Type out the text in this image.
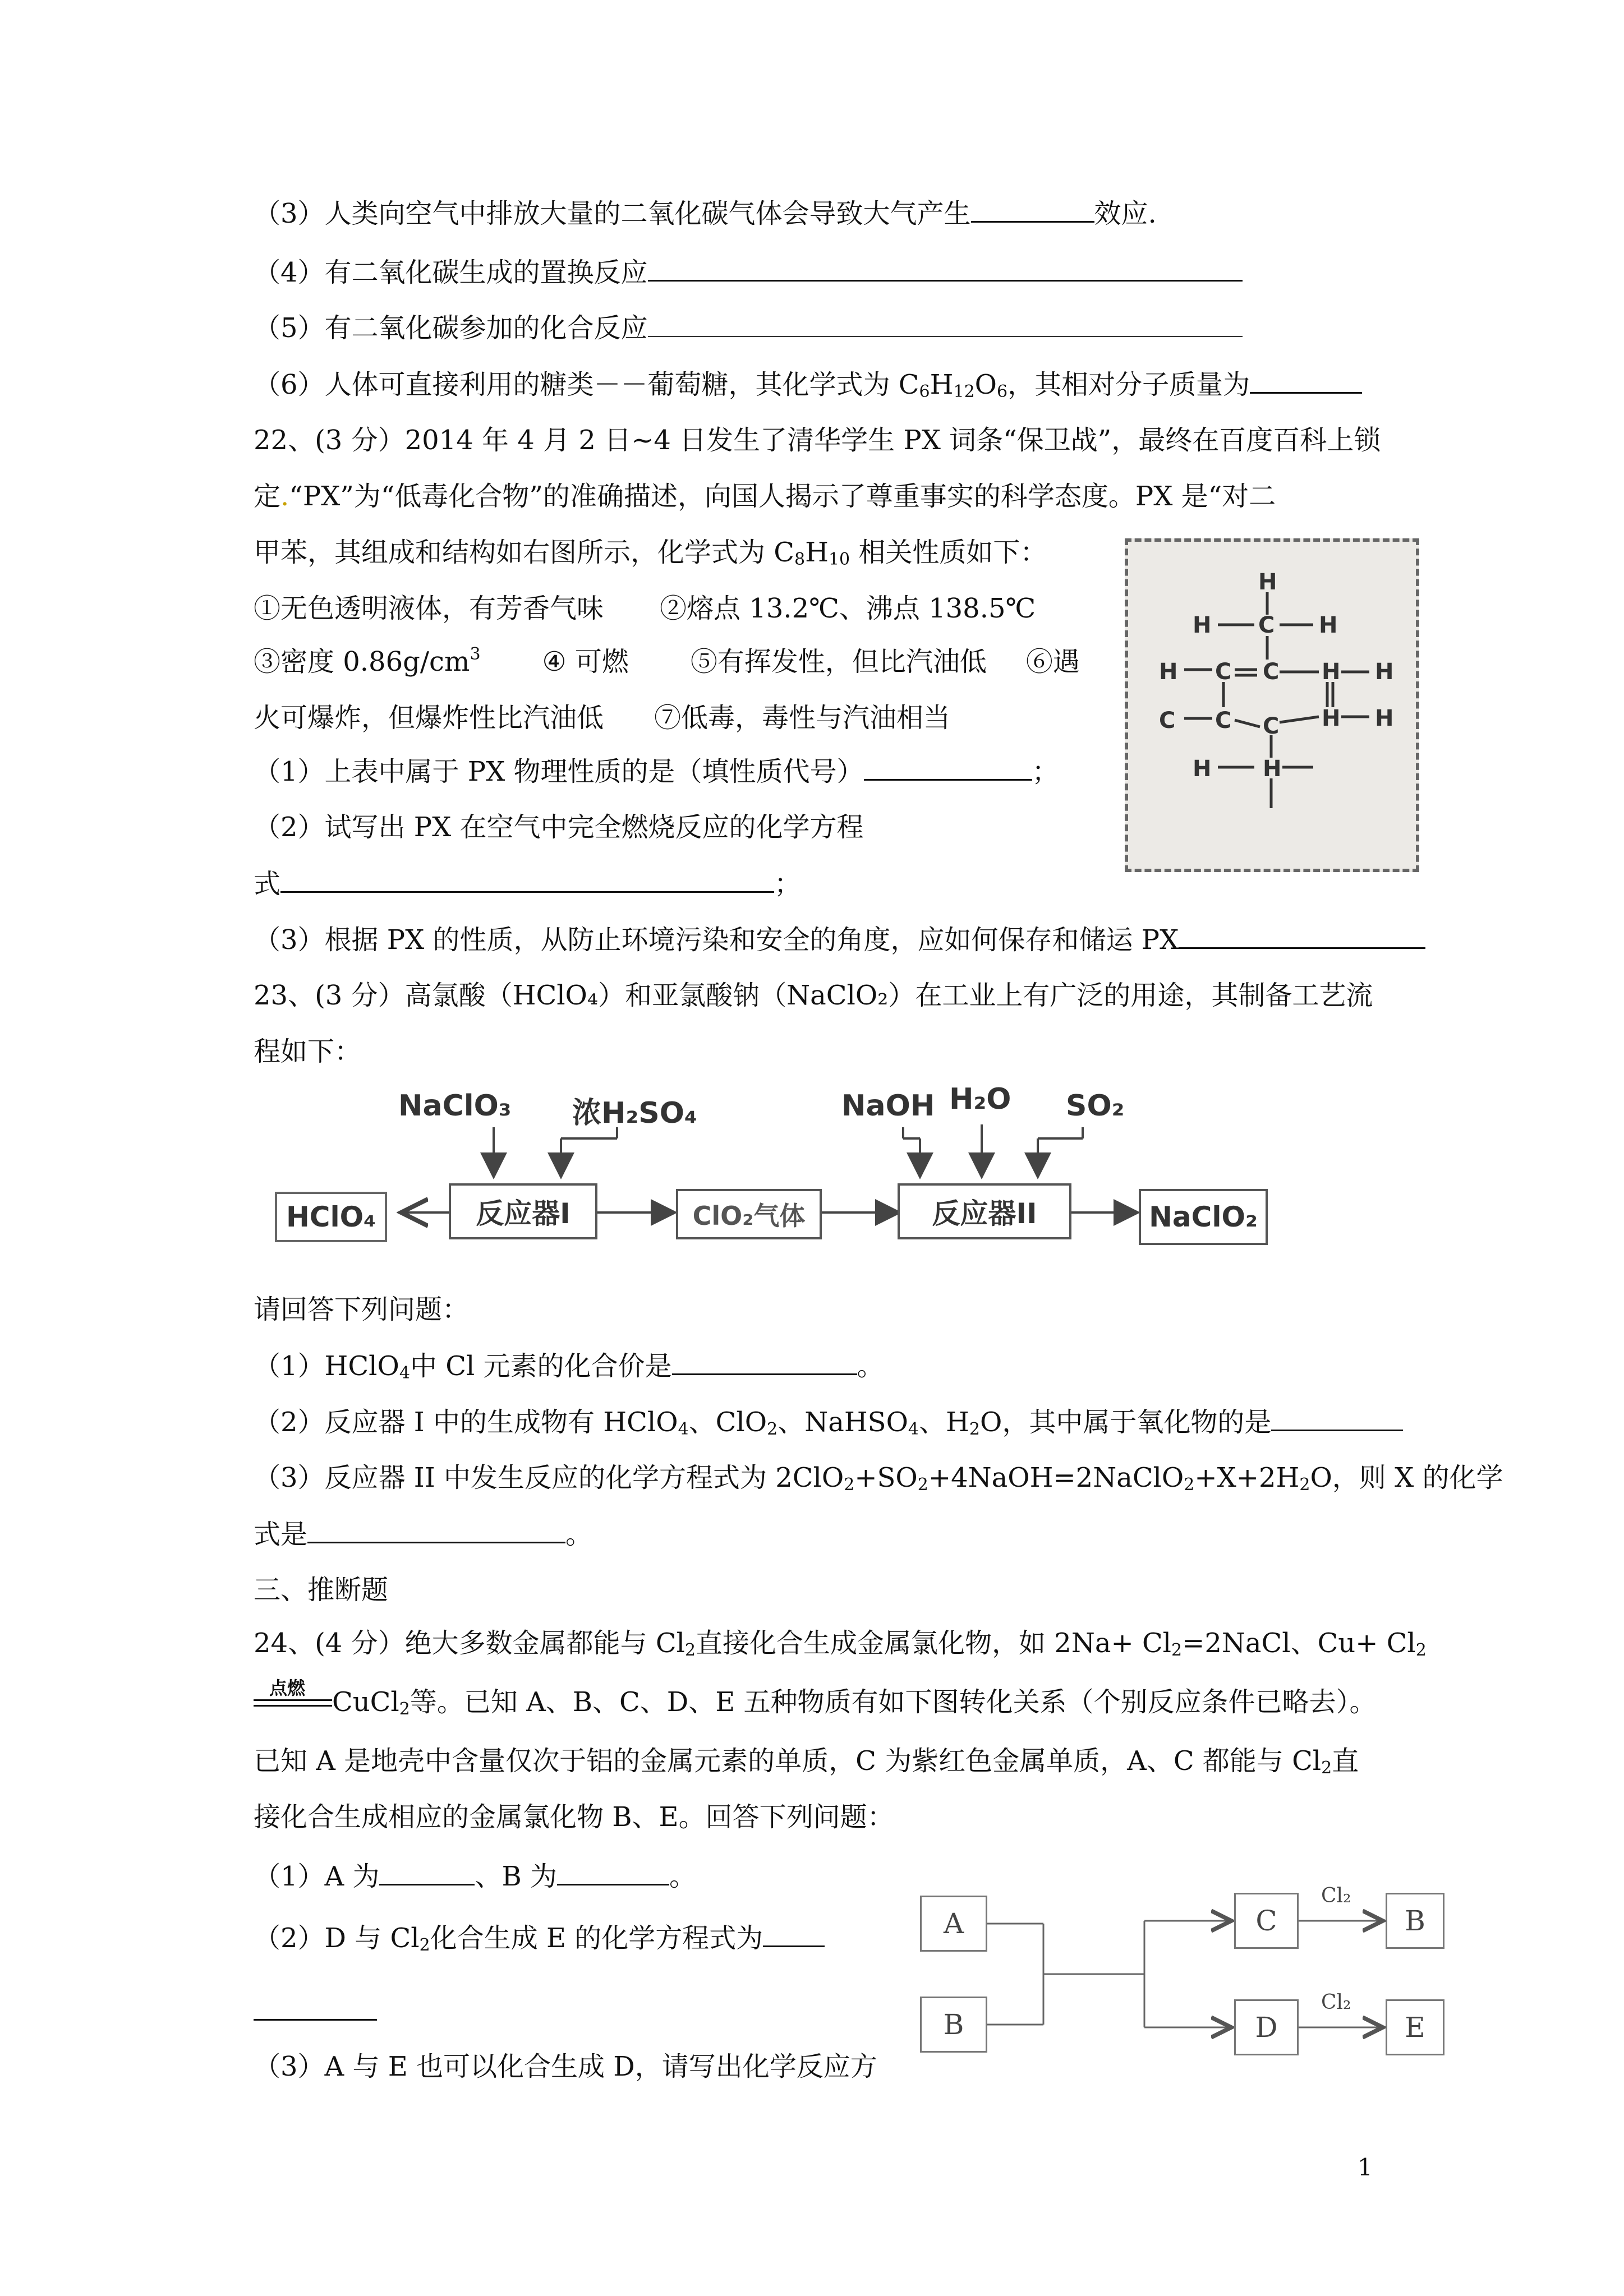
（3）人类向空气中排放大量的二氧化碳气体会导致大气产生	效应.
（4）有二氧化碳生成的置换反应
（5）有二氧化碳参加的化合反应
（6）人体可直接利用的糖类－－葡萄糖，其化学式为 $C_6H_{12}O_6$，其相对分子质量为
22、(3 分）2014 年 4 月 2 日~4 日发生了清华学生 PX 词条“保卫战”，最终在百度百科上锁
定.“PX”为“低毒化合物”的准确描述，向国人揭示了尊重事实的科学态度。PX 是“对二
甲苯，其组成和结构如右图所示，化学式为 $C_8H_{10}$ 相关性质如下：
①无色透明液体，有芳香气味 ②熔点 13.2℃、沸点 138.5℃
③密度 $0.86g/cm^3$ ④ 可燃 ⑤有挥发性，但比汽油低 ⑥遇
火可爆炸，但爆炸性比汽油低 ⑦低毒，毒性与汽油相当
（1）上表中属于 PX 物理性质的是（填性质代号）	；
（2）试写出 PX 在空气中完全燃烧反应的化学方程
式	；
（3）根据 PX 的性质，从防止环境污染和安全的角度，应如何保存和储运 PX
H
H C H
H C C H H
C C H H
C
H
H
23、(3 分）高氯酸（HClO₄）和亚氯酸钠（NaClO₂）在工业上有广泛的用途，其制备工艺流
程如下：
NaClO₃ 浓H₂SO₄	NaOH H₂O SO₂
HClO₄	反应器I	ClO₂气体	反应器II	NaClO₂
请回答下列问题：
（1）HClO$_4$中 Cl 元素的化合价是	。
（2）反应器 I 中的生成物有 HClO$_4$、ClO$_2$、NaHSO$_4$、$H_2O$，其中属于氧化物的是
（3）反应器 II 中发生反应的化学方程式为 $2ClO_2+SO_2+4NaOH=2NaClO_2+X+2H_2O$，则 X 的化学
式是	。
三、推断题
24、(4 分）绝大多数金属都能与 $Cl_2$直接化合生成金属氯化物，如 $2Na+ Cl_2=2NaCl$、$Cu+ Cl_2$
点燃 CuCl$_2$等。已知 A、B、C、D、E 五种物质有如下图转化关系（个别反应条件已略去）。
已知 A 是地壳中含量仅次于铝的金属元素的单质，C 为紫红色金属单质，A、C 都能与 $Cl_2$直
接化合生成相应的金属氯化物 B、E。回答下列问题：
（1）A 为	、B 为	。
（2）D 与 $Cl_2$化合生成 E 的化学方程式为
（3）A 与 E 也可以化合生成 D，请写出化学反应方
A
B
C
D
B
E
Cl₂
Cl₂
1
